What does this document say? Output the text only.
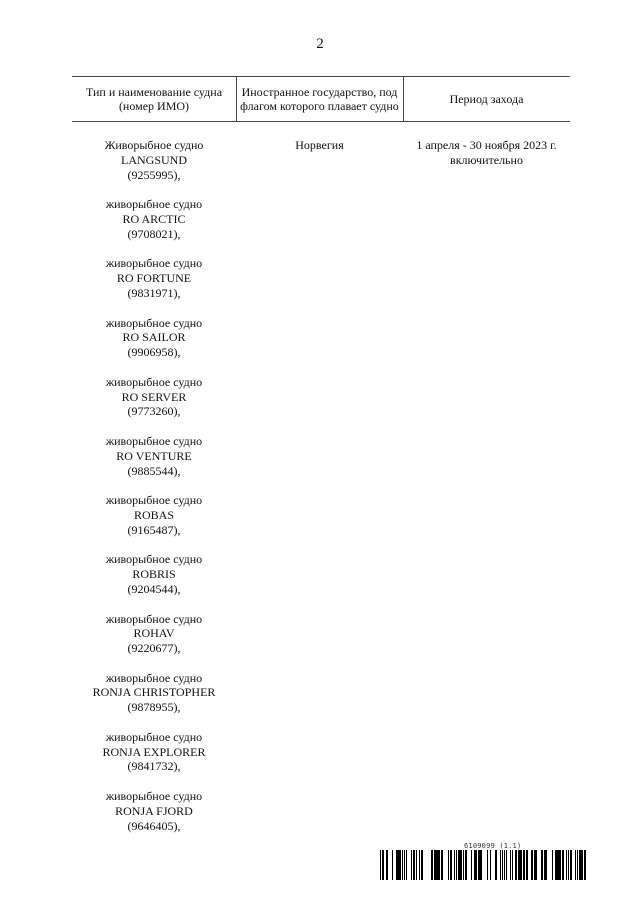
2
Тип и наименование судна (номер ИМО)
Иностранное государство, под флагом которого плавает судно	Период захода
Живорыбное судно
LANGSUND
(9255995),
живорыбное судно
RO ARCTIC
(9708021),
живорыбное судно
RO FORTUNE
(9831971),
живорыбное судно
RO SAILOR
(9906958),
живорыбное судно
RO SERVER
(9773260),
живорыбное судно
RO VENTURE
(9885544),
живорыбное судно
ROBAS
(9165487),
живорыбное судно
ROBRIS
(9204544),
живорыбное судно
ROHAV
(9220677),
живорыбное судно
RONJA CHRISTOPHER
(9878955),
живорыбное судно
RONJA EXPLORER
(9841732),
живорыбное судно
RONJA FJORD
(9646405),
Норвегия	1 апреля - 30 ноября 2023 г. включительно
6109099 (1.1)
